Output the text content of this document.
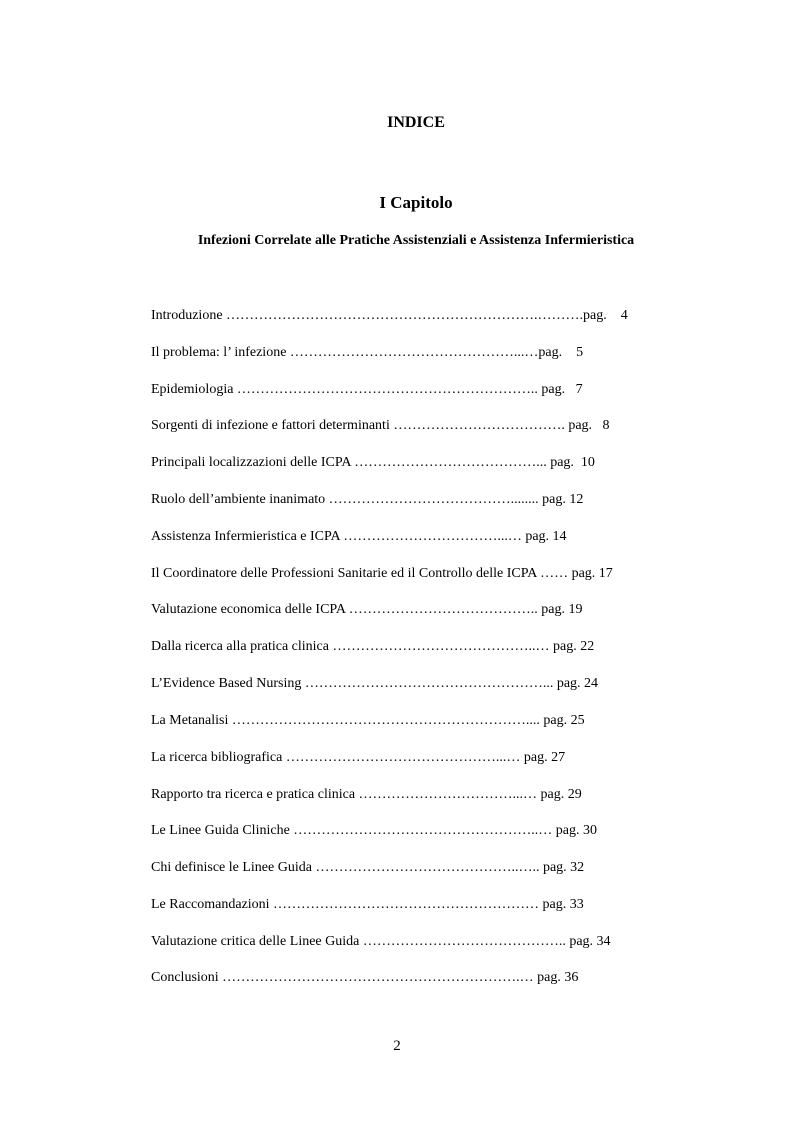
INDICE
I Capitolo
Infezioni Correlate alle Pratiche Assistenziali e Assistenza Infermieristica
Introduzione ………………………………………………………….……….pag.    4
Il problema: l’ infezione …………………………………………...…pag.    5
Epidemiologia ……………………………………………………….. pag.   7
Sorgenti di infezione e fattori determinanti ………………………………. pag.   8
Principali localizzazioni delle ICPA …………………………………... pag.  10
Ruolo dell’ambiente inanimato …………………………………........ pag. 12
Assistenza Infermieristica e ICPA ……………………………...… pag. 14
Il Coordinatore delle Professioni Sanitarie ed il Controllo delle ICPA …… pag. 17
Valutazione economica delle ICPA ………………………………….. pag. 19
Dalla ricerca alla pratica clinica ……………………………………..… pag. 22
L’Evidence Based Nursing ……………………………………………... pag. 24
La Metanalisi ……………………………………………………….... pag. 25
La ricerca bibliografica ………………………………………...… pag. 27
Rapporto tra ricerca e pratica clinica ……………………………...… pag. 29
Le Linee Guida Cliniche ……………………………………………..… pag. 30
Chi definisce le Linee Guida ……………………………………..….. pag. 32
Le Raccomandazioni ………………………………………………… pag. 33
Valutazione critica delle Linee Guida …………………………………….. pag. 34
Conclusioni ……………………………………………………….… pag. 36
2
